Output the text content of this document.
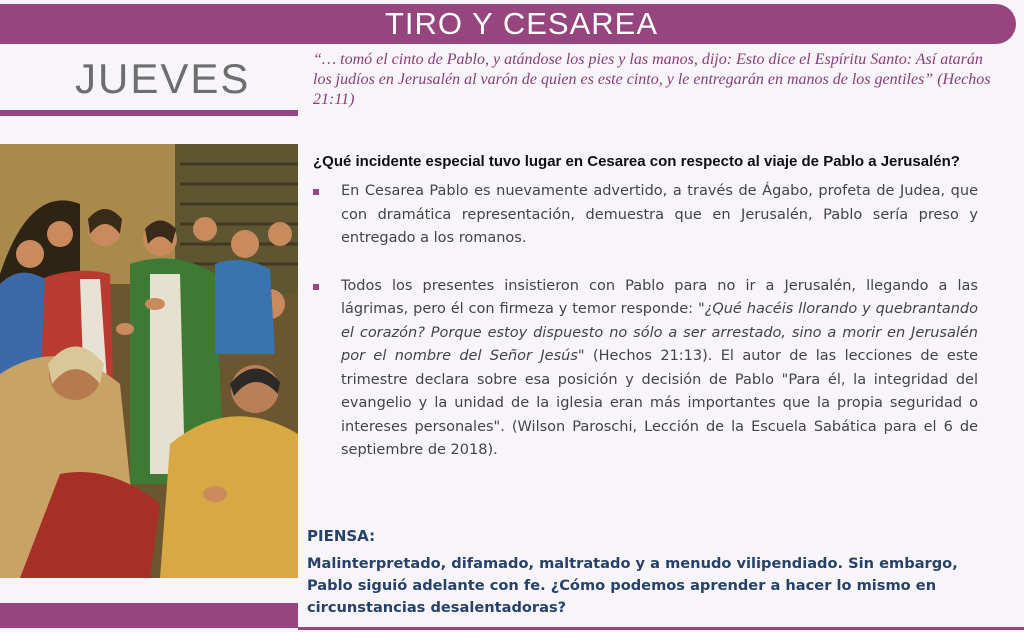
TIRO Y CESAREA
JUEVES	“… tomó el cinto de Pablo, y atándose los pies y las manos, dijo: Esto dice el Espíritu Santo: Así atarán los judíos en Jerusalén al varón de quien es este cinto, y le entregarán en manos de los gentiles” (Hechos 21:11)

¿Qué incidente especial tuvo lugar en Cesarea con respecto al viaje de Pablo a Jerusalén?

En Cesarea Pablo es nuevamente advertido, a través de Ágabo, profeta de Judea, que con dramática representación, demuestra que en Jerusalén, Pablo sería preso y entregado a los romanos.
Todos los presentes insistieron con Pablo para no ir a Jerusalén, llegando a las lágrimas, pero él con firmeza y temor responde: "¿Qué hacéis llorando y quebrantando el corazón? Porque estoy dispuesto no sólo a ser arrestado, sino a morir en Jerusalén por el nombre del Señor Jesús" (Hechos 21:13). El autor de las lecciones de este trimestre declara sobre esa posición y decisión de Pablo "Para él, la integridad del evangelio y la unidad de la iglesia eran más importantes que la propia seguridad o intereses personales". (Wilson Paroschi, Lección de la Escuela Sabática para el 6 de septiembre de 2018).

PIENSA:

Malinterpretado, difamado, maltratado y a menudo vilipendiado. Sin embargo, Pablo siguió adelante con fe. ¿Cómo podemos aprender a hacer lo mismo en circunstancias desalentadoras?
